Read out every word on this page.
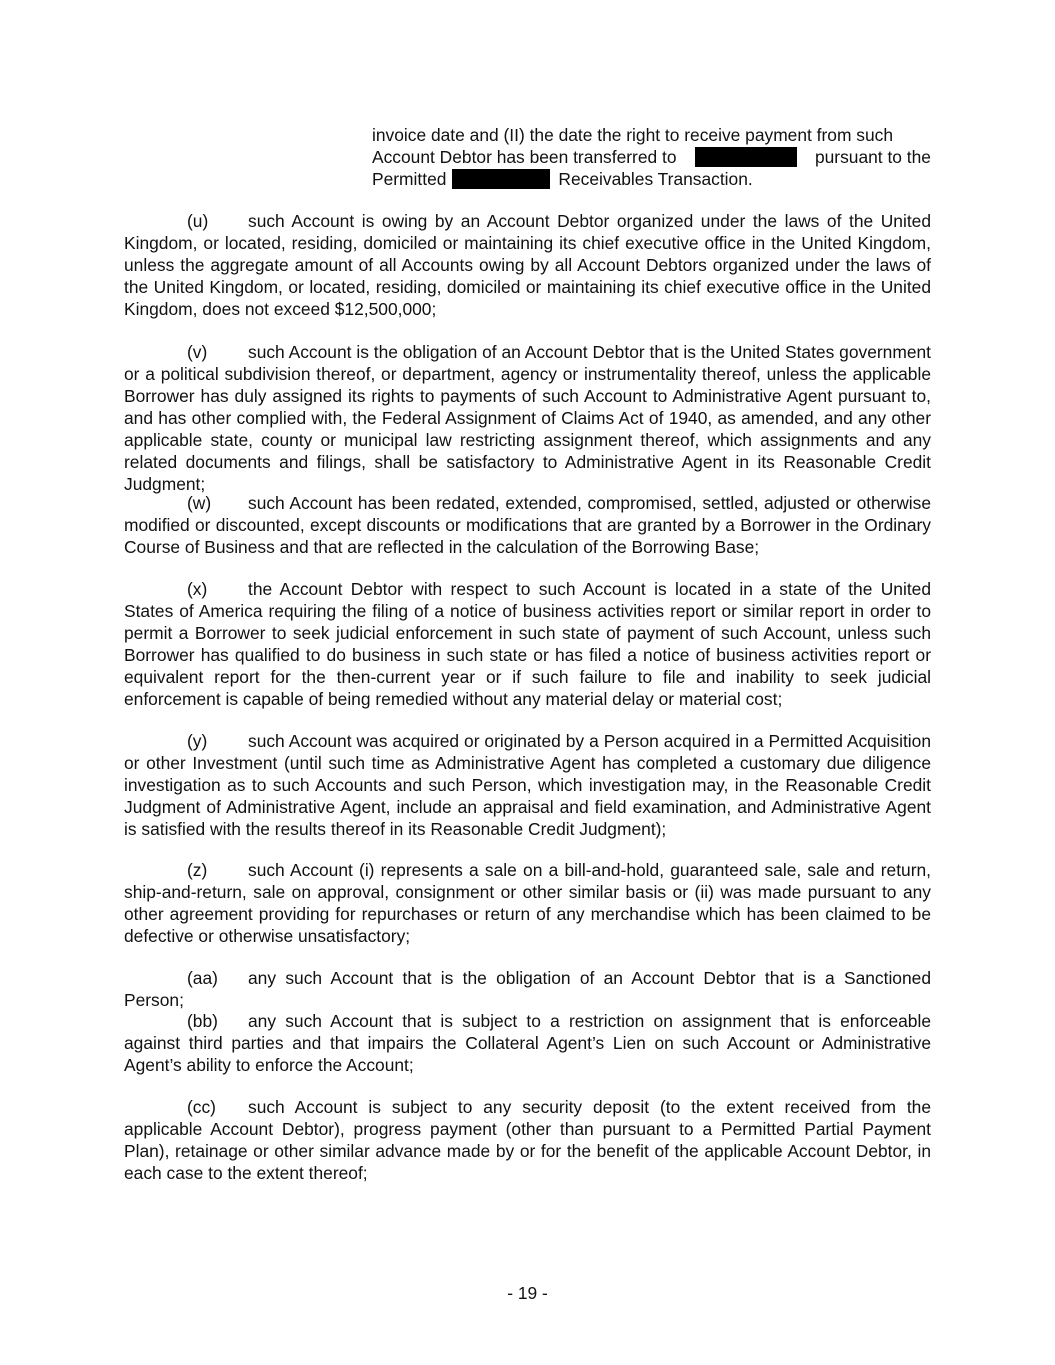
invoice date and (II) the date the right to receive payment from such
Account Debtor has been transferred to	pursuant to the
Permitted	Receivables Transaction.
(u) such Account is owing by an Account Debtor organized under the laws of the United Kingdom, or located, residing, domiciled or maintaining its chief executive office in the United Kingdom, unless the aggregate amount of all Accounts owing by all Account Debtors organized under the laws of the United Kingdom, or located, residing, domiciled or maintaining its chief executive office in the United Kingdom, does not exceed $12,500,000;
(v) such Account is the obligation of an Account Debtor that is the United States government or a political subdivision thereof, or department, agency or instrumentality thereof, unless the applicable Borrower has duly assigned its rights to payments of such Account to Administrative Agent pursuant to, and has other complied with, the Federal Assignment of Claims Act of 1940, as amended, and any other applicable state, county or municipal law restricting assignment thereof, which assignments and any related documents and filings, shall be satisfactory to Administrative Agent in its Reasonable Credit Judgment;
(w) such Account has been redated, extended, compromised, settled, adjusted or otherwise modified or discounted, except discounts or modifications that are granted by a Borrower in the Ordinary Course of Business and that are reflected in the calculation of the Borrowing Base;
(x) the Account Debtor with respect to such Account is located in a state of the United States of America requiring the filing of a notice of business activities report or similar report in order to permit a Borrower to seek judicial enforcement in such state of payment of such Account, unless such Borrower has qualified to do business in such state or has filed a notice of business activities report or equivalent report for the then-current year or if such failure to file and inability to seek judicial enforcement is capable of being remedied without any material delay or material cost;
(y) such Account was acquired or originated by a Person acquired in a Permitted Acquisition or other Investment (until such time as Administrative Agent has completed a customary due diligence investigation as to such Accounts and such Person, which investigation may, in the Reasonable Credit Judgment of Administrative Agent, include an appraisal and field examination, and Administrative Agent is satisfied with the results thereof in its Reasonable Credit Judgment);
(z) such Account (i) represents a sale on a bill-and-hold, guaranteed sale, sale and return, ship-and-return, sale on approval, consignment or other similar basis or (ii) was made pursuant to any other agreement providing for repurchases or return of any merchandise which has been claimed to be defective or otherwise unsatisfactory;
(aa) any such Account that is the obligation of an Account Debtor that is a Sanctioned Person;
(bb) any such Account that is subject to a restriction on assignment that is enforceable against third parties and that impairs the Collateral Agent’s Lien on such Account or Administrative Agent’s ability to enforce the Account;
(cc) such Account is subject to any security deposit (to the extent received from the applicable Account Debtor), progress payment (other than pursuant to a Permitted Partial Payment Plan), retainage or other similar advance made by or for the benefit of the applicable Account Debtor, in each case to the extent thereof;
- 19 -
